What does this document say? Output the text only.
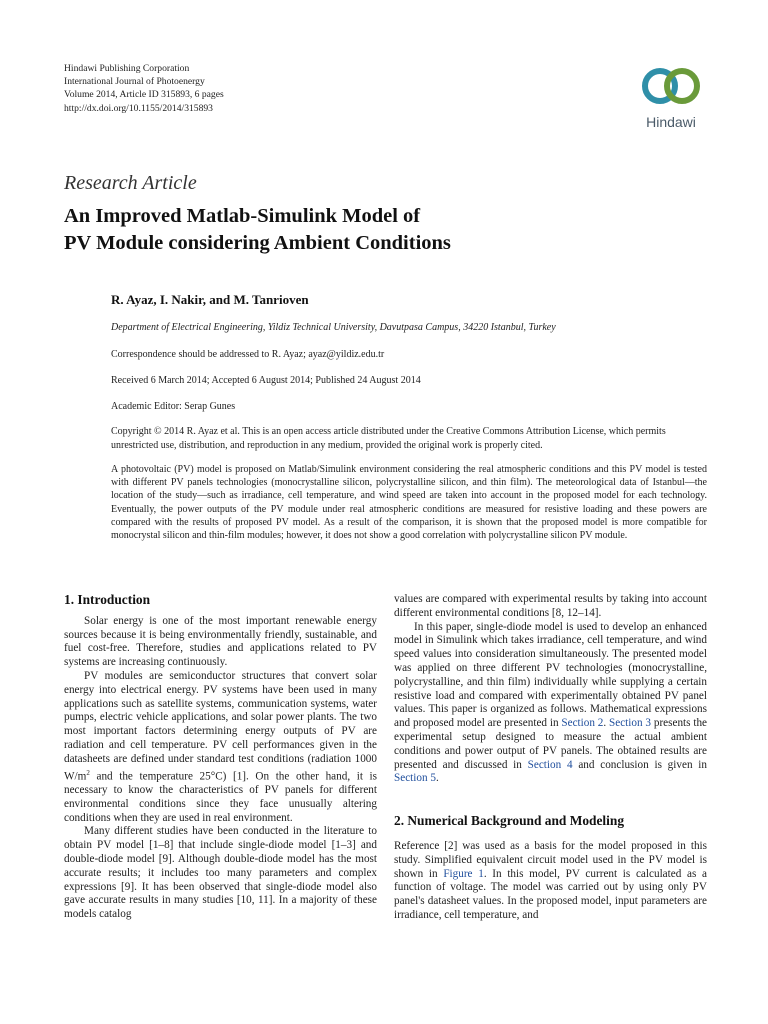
Hindawi Publishing Corporation
International Journal of Photoenergy
Volume 2014, Article ID 315893, 6 pages
http://dx.doi.org/10.1155/2014/315893
Hindawi
Research Article
An Improved Matlab-Simulink Model of
PV Module considering Ambient Conditions
R. Ayaz, I. Nakir, and M. Tanrioven
Department of Electrical Engineering, Yildiz Technical University, Davutpasa Campus, 34220 Istanbul, Turkey
Correspondence should be addressed to R. Ayaz; ayaz@yildiz.edu.tr
Received 6 March 2014; Accepted 6 August 2014; Published 24 August 2014
Academic Editor: Serap Gunes
Copyright © 2014 R. Ayaz et al. This is an open access article distributed under the Creative Commons Attribution License, which permits unrestricted use, distribution, and reproduction in any medium, provided the original work is properly cited.
A photovoltaic (PV) model is proposed on Matlab/Simulink environment considering the real atmospheric conditions and this PV model is tested with different PV panels technologies (monocrystalline silicon, polycrystalline silicon, and thin film). The meteorological data of Istanbul—the location of the study—such as irradiance, cell temperature, and wind speed are taken into account in the proposed model for each technology. Eventually, the power outputs of the PV module under real atmospheric conditions are measured for resistive loading and these powers are compared with the results of proposed PV model. As a result of the comparison, it is shown that the proposed model is more compatible for monocrystal silicon and thin-film modules; however, it does not show a good correlation with polycrystalline silicon PV module.
1. Introduction

Solar energy is one of the most important renewable energy sources because it is being environmentally friendly, sustainable, and fuel cost-free. Therefore, studies and applications related to PV systems are increasing continuously.

PV modules are semiconductor structures that convert solar energy into electrical energy. PV systems have been used in many applications such as satellite systems, communication systems, water pumps, electric vehicle applications, and solar power plants. The two most important factors determining energy outputs of PV are radiation and cell temperature. PV cell performances given in the datasheets are defined under standard test conditions (radiation 1000 $W/m^2$ and the temperature 25°C) [1]. On the other hand, it is necessary to know the characteristics of PV panels for different environmental conditions since they face unusually altering conditions when they are used in real environment.

Many different studies have been conducted in the literature to obtain PV model [1–8] that include single-diode model [1–3] and double-diode model [9]. Although double-diode model has the most accurate results; it includes too many parameters and complex expressions [9]. It has been observed that single-diode model also gave accurate results in many studies [10, 11]. In a majority of these models catalog

values are compared with experimental results by taking into account different environmental conditions [8, 12–14].

In this paper, single-diode model is used to develop an enhanced model in Simulink which takes irradiance, cell temperature, and wind speed values into consideration simultaneously. The presented model was applied on three different PV technologies (monocrystalline, polycrystalline, and thin film) individually while supplying a certain resistive load and compared with experimentally obtained PV panel values. This paper is organized as follows. Mathematical expressions and proposed model are presented in Section 2. Section 3 presents the experimental setup designed to measure the actual ambient conditions and power output of PV panels. The obtained results are presented and discussed in Section 4 and conclusion is given in Section 5.

2. Numerical Background and Modeling

Reference [2] was used as a basis for the model proposed in this study. Simplified equivalent circuit model used in the PV model is shown in Figure 1. In this model, PV current is calculated as a function of voltage. The model was carried out by using only PV panel's datasheet values. In the proposed model, input parameters are irradiance, cell temperature, and
